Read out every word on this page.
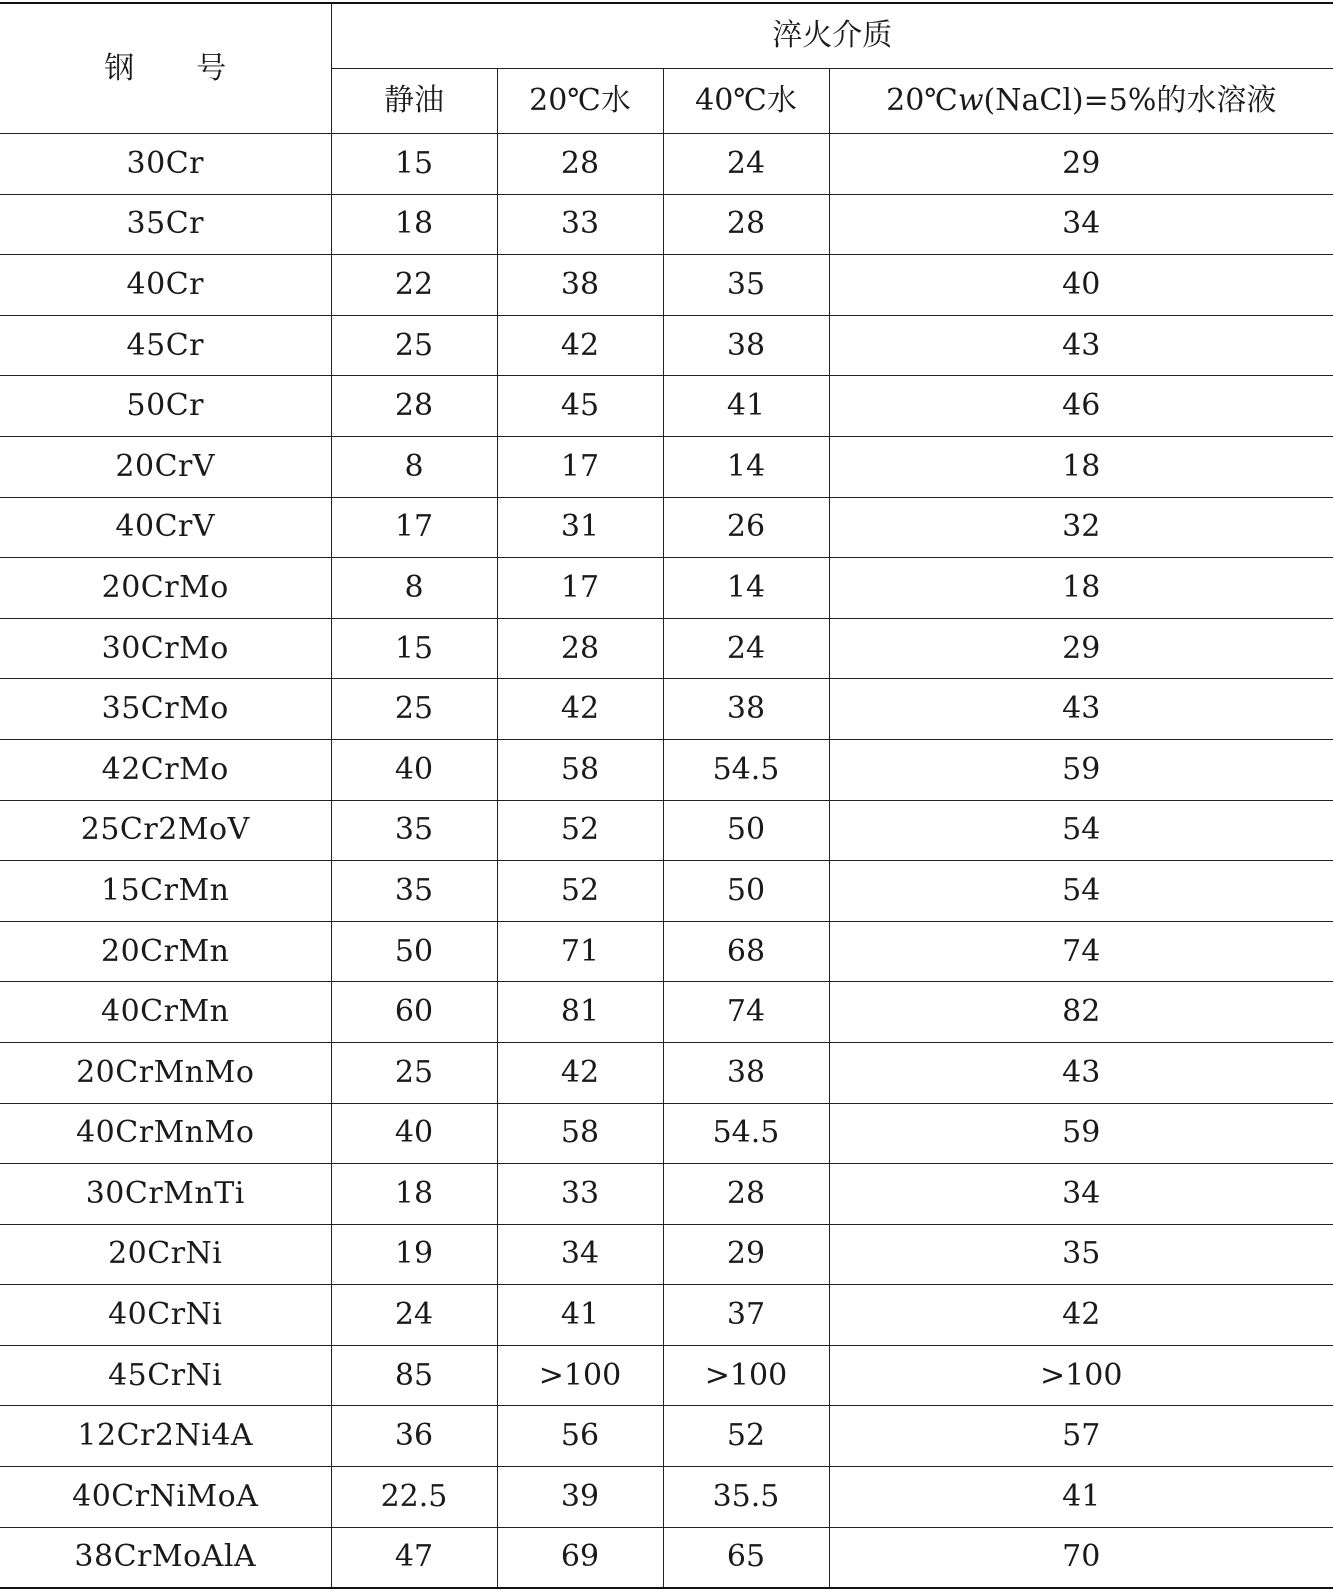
钢 号	淬火介质			
	静油	20℃水	40℃水	20℃w(NaCl)=5%的水溶液
30Cr	15	28	24	29
35Cr	18	33	28	34
40Cr	22	38	35	40
45Cr	25	42	38	43
50Cr	28	45	41	46
20CrV	8	17	14	18
40CrV	17	31	26	32
20CrMo	8	17	14	18
30CrMo	15	28	24	29
35CrMo	25	42	38	43
42CrMo	40	58	54.5	59
25Cr2MoV	35	52	50	54
15CrMn	35	52	50	54
20CrMn	50	71	68	74
40CrMn	60	81	74	82
20CrMnMo	25	42	38	43
40CrMnMo	40	58	54.5	59
30CrMnTi	18	33	28	34
20CrNi	19	34	29	35
40CrNi	24	41	37	42
45CrNi	85	>100	>100	>100
12Cr2Ni4A	36	56	52	57
40CrNiMoA	22.5	39	35.5	41
38CrMoAlA	47	69	65	70
